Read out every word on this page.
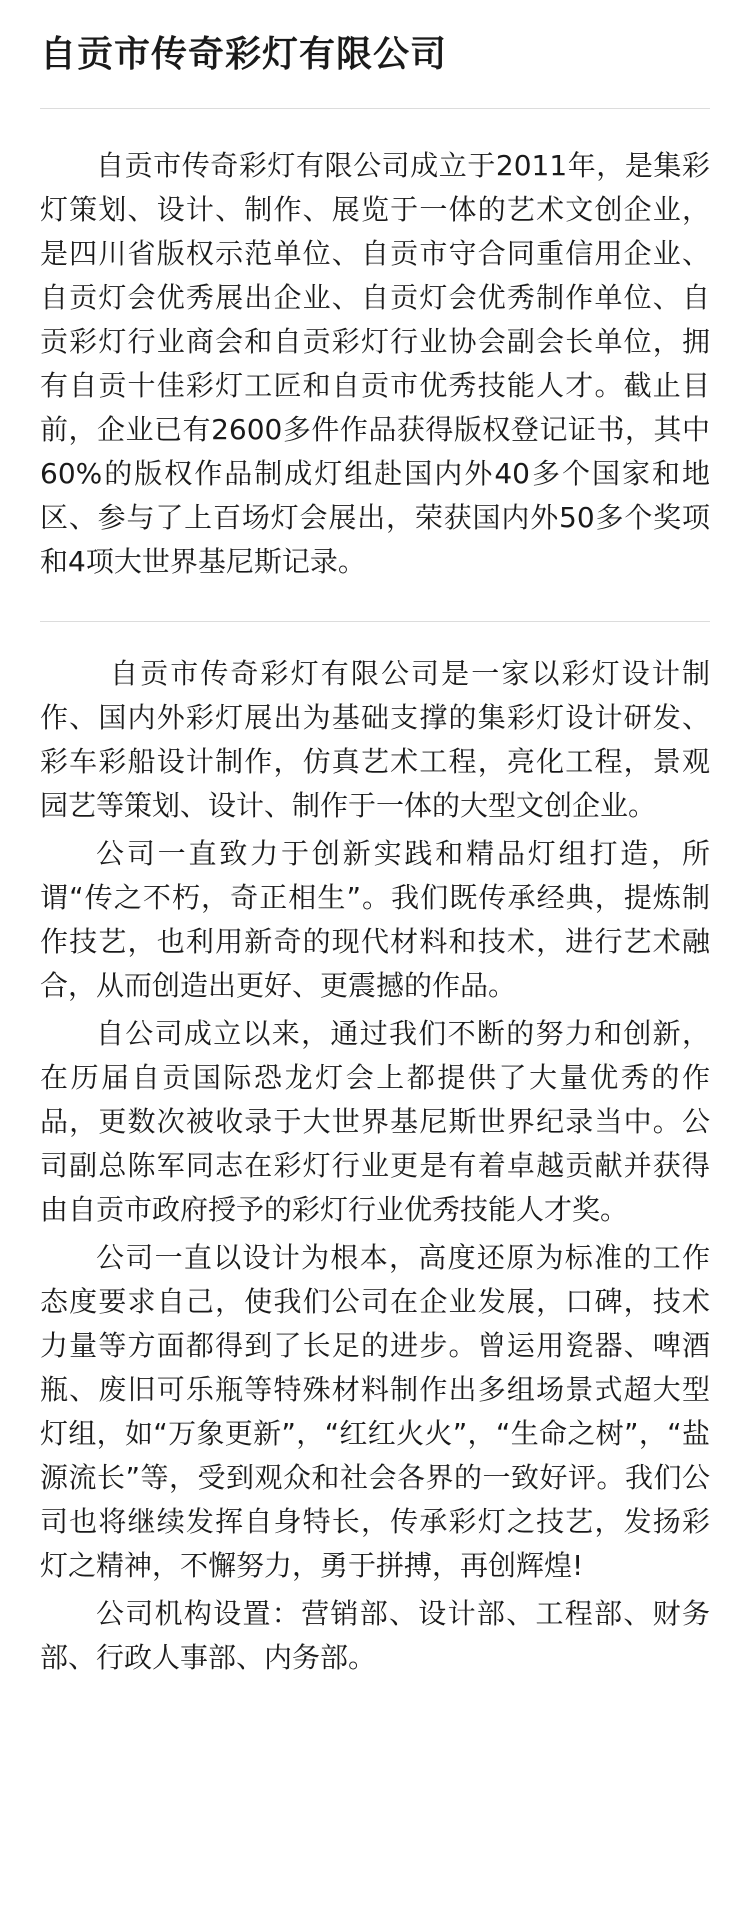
自贡市传奇彩灯有限公司

自贡市传奇彩灯有限公司成立于2011年，是集彩灯策划、设计、制作、展览于一体的艺术文创企业，是四川省版权示范单位、自贡市守合同重信用企业、自贡灯会优秀展出企业、自贡灯会优秀制作单位、自贡彩灯行业商会和自贡彩灯行业协会副会长单位，拥有自贡十佳彩灯工匠和自贡市优秀技能人才。截止目前，企业已有2600多件作品获得版权登记证书，其中60%的版权作品制成灯组赴国内外40多个国家和地区、参与了上百场灯会展出，荣获国内外50多个奖项和4项大世界基尼斯记录。

自贡市传奇彩灯有限公司是一家以彩灯设计制作、国内外彩灯展出为基础支撑的集彩灯设计研发、彩车彩船设计制作，仿真艺术工程，亮化工程，景观园艺等策划、设计、制作于一体的大型文创企业。

公司一直致力于创新实践和精品灯组打造，所谓“传之不朽，奇正相生”。我们既传承经典，提炼制作技艺，也利用新奇的现代材料和技术，进行艺术融合，从而创造出更好、更震撼的作品。

自公司成立以来，通过我们不断的努力和创新，在历届自贡国际恐龙灯会上都提供了大量优秀的作品，更数次被收录于大世界基尼斯世界纪录当中。公司副总陈军同志在彩灯行业更是有着卓越贡献并获得由自贡市政府授予的彩灯行业优秀技能人才奖。

公司一直以设计为根本，高度还原为标准的工作态度要求自己，使我们公司在企业发展，口碑，技术力量等方面都得到了长足的进步。曾运用瓷器、啤酒瓶、废旧可乐瓶等特殊材料制作出多组场景式超大型灯组，如“万象更新”，“红红火火”，“生命之树”，“盐源流长”等，受到观众和社会各界的一致好评。我们公司也将继续发挥自身特长，传承彩灯之技艺，发扬彩灯之精神，不懈努力，勇于拼搏，再创辉煌!

公司机构设置：营销部、设计部、工程部、财务部、行政人事部、内务部。
